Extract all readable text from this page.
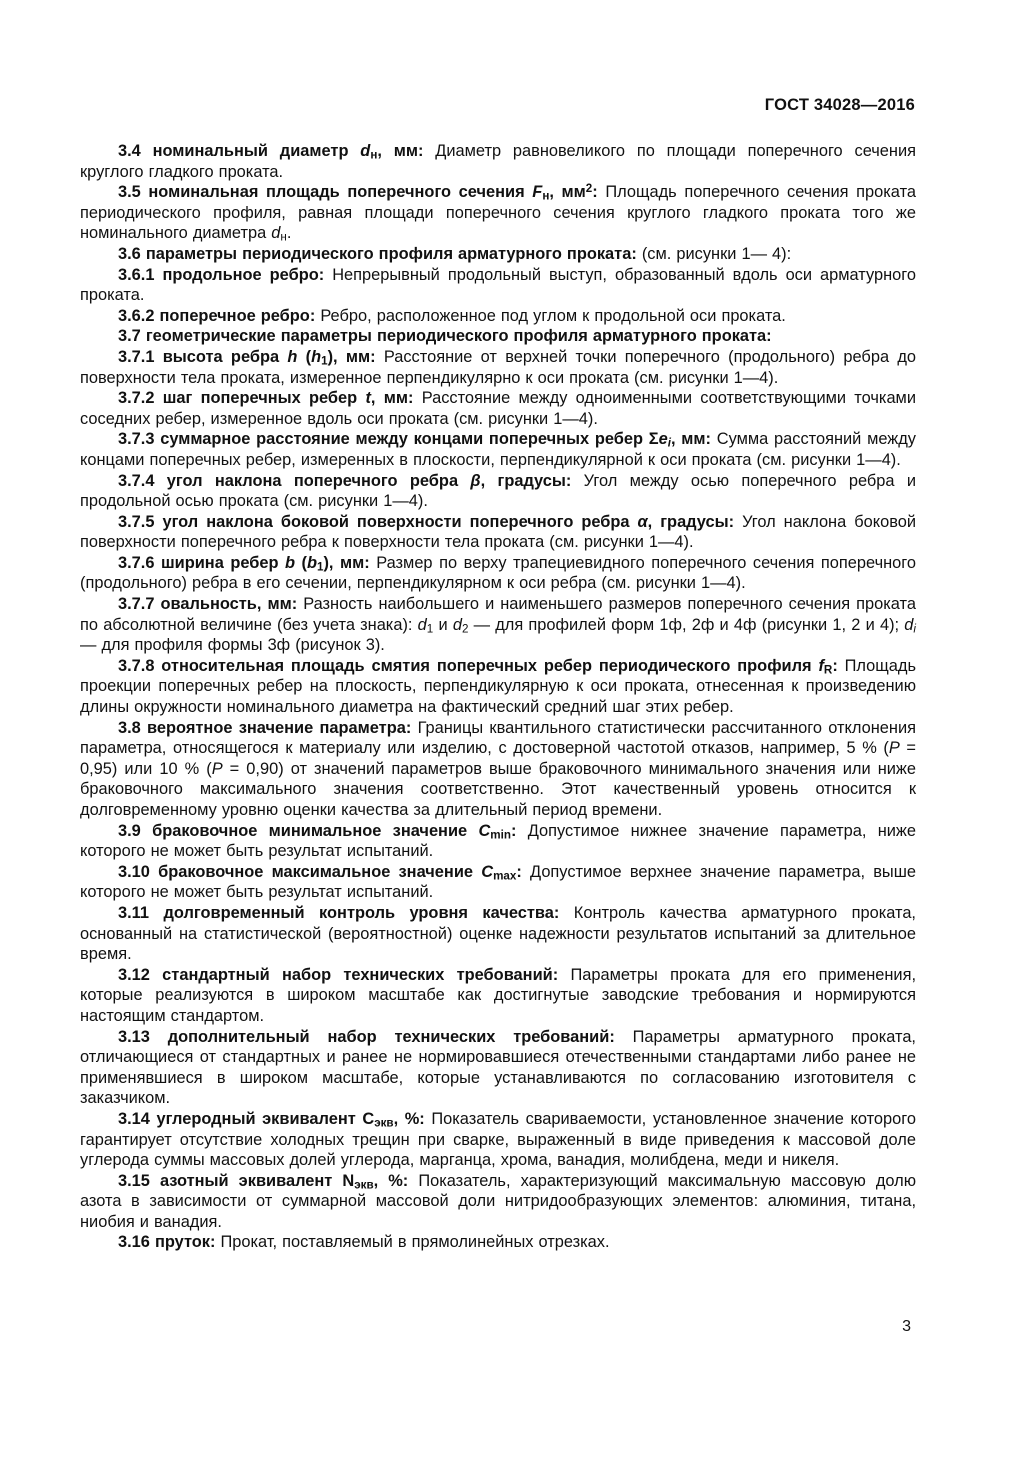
ГОСТ 34028—2016

3.4 номинальный диаметр $d_н$, мм: Диаметр равновеликого по площади поперечного сечения круглого гладкого проката.

3.5 номинальная площадь поперечного сечения $F_н$, $мм^2$: Площадь поперечного сечения проката периодического профиля, равная площади поперечного сечения круглого гладкого проката того же номинального диаметра $d_н$.

3.6 параметры периодического профиля арматурного проката: (см. рисунки 1— 4):

3.6.1 продольное ребро: Непрерывный продольный выступ, образованный вдоль оси арматурного проката.

3.6.2 поперечное ребро: Ребро, расположенное под углом к продольной оси проката.

3.7 геометрические параметры периодического профиля арматурного проката:

3.7.1 высота ребра h $(h_1)$, мм: Расстояние от верхней точки поперечного (продольного) ребра до поверхности тела проката, измеренное перпендикулярно к оси проката (см. рисунки 1—4).

3.7.2 шаг поперечных ребер t, мм: Расстояние между одноименными соответствующими точками соседних ребер, измеренное вдоль оси проката (см. рисунки 1—4).

3.7.3 суммарное расстояние между концами поперечных ребер $\Sigma e_i$, мм: Сумма расстояний между концами поперечных ребер, измеренных в плоскости, перпендикулярной к оси проката (см. рисунки 1—4).

3.7.4 угол наклона поперечного ребра β, градусы: Угол между осью поперечного ребра и продольной осью проката (см. рисунки 1—4).

3.7.5 угол наклона боковой поверхности поперечного ребра α, градусы: Угол наклона боковой поверхности поперечного ребра к поверхности тела проката (см. рисунки 1—4).

3.7.6 ширина ребер b $(b_1)$, мм: Размер по верху трапециевидного поперечного сечения поперечного (продольного) ребра в его сечении, перпендикулярном к оси ребра (см. рисунки 1—4).

3.7.7 овальность, мм: Разность наибольшего и наименьшего размеров поперечного сечения проката по абсолютной величине (без учета знака): $d_1$ и $d_2$ — для профилей форм 1ф, 2ф и 4ф (рисунки 1, 2 и 4); $d_i$ — для профиля формы 3ф (рисунок 3).

3.7.8 относительная площадь смятия поперечных ребер периодического профиля $f_R$: Площадь проекции поперечных ребер на плоскость, перпендикулярную к оси проката, отнесенная к произведению длины окружности номинального диаметра на фактический средний шаг этих ребер.

3.8 вероятное значение параметра: Границы квантильного статистически рассчитанного отклонения параметра, относящегося к материалу или изделию, с достоверной частотой отказов, например, 5 % (P = 0,95) или 10 % (P = 0,90) от значений параметров выше браковочного минимального значения или ниже браковочного максимального значения соответственно. Этот качественный уровень относится к долговременному уровню оценки качества за длительный период времени.

3.9 браковочное минимальное значение $C_{min}$: Допустимое нижнее значение параметра, ниже которого не может быть результат испытаний.

3.10 браковочное максимальное значение $C_{max}$: Допустимое верхнее значение параметра, выше которого не может быть результат испытаний.

3.11 долговременный контроль уровня качества: Контроль качества арматурного проката, основанный на статистической (вероятностной) оценке надежности результатов испытаний за длительное время.

3.12 стандартный набор технических требований: Параметры проката для его применения, которые реализуются в широком масштабе как достигнутые заводские требования и нормируются настоящим стандартом.

3.13 дополнительный набор технических требований: Параметры арматурного проката, отличающиеся от стандартных и ранее не нормировавшиеся отечественными стандартами либо ранее не применявшиеся в широком масштабе, которые устанавливаются по согласованию изготовителя с заказчиком.

3.14 углеродный эквивалент $С_{экв}$, %: Показатель свариваемости, установленное значение которого гарантирует отсутствие холодных трещин при сварке, выраженный в виде приведения к массовой доле углерода суммы массовых долей углерода, марганца, хрома, ванадия, молибдена, меди и никеля.

3.15 азотный эквивалент $N_{экв}$, %: Показатель, характеризующий максимальную массовую долю азота в зависимости от суммарной массовой доли нитридообразующих элементов: алюминия, титана, ниобия и ванадия.

3.16 пруток: Прокат, поставляемый в прямолинейных отрезках.

3
